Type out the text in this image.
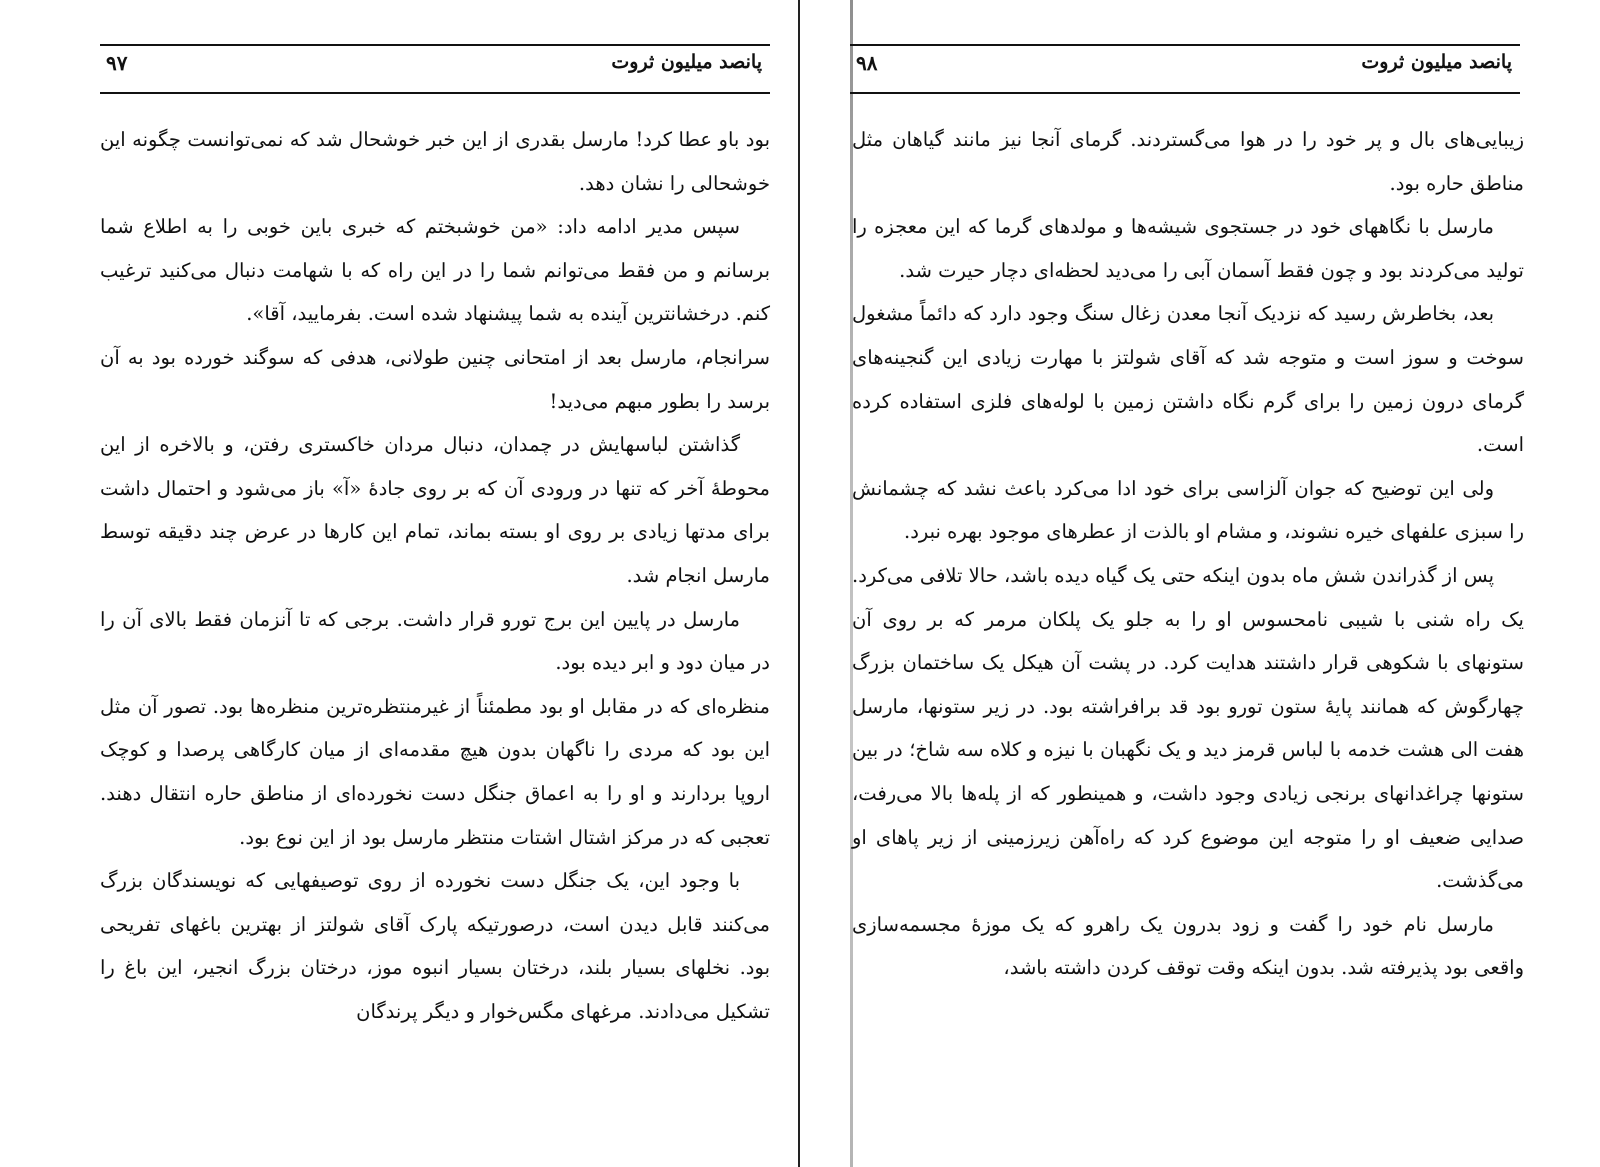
پانصد میلیون ثروت
۹۷

بود باو عطا کرد! مارسل بقدری از این خبر خوشحال شد که نمی‌توانست چگونه این خوشحالی را نشان دهد.

سپس مدیر ادامه داد: «من خوشبختم که خبری باین خوبی را به اطلاع شما برسانم و من فقط می‌توانم شما را در این راه که با شهامت دنبال می‌کنید ترغیب کنم. درخشانترین آینده به شما پیشنهاد شده است. بفرمایید، آقا».

سرانجام، مارسل بعد از امتحانی چنین طولانی، هدفی که سوگند خورده بود به آن برسد را بطور مبهم می‌دید!

گذاشتن لباسهایش در چمدان، دنبال مردان خاکستری رفتن، و بالاخره از این محوطهٔ آخر که تنها در ورودی آن که بر روی جادهٔ «آ» باز می‌شود و احتمال داشت برای مدتها زیادی بر روی او بسته بماند، تمام این کارها در عرض چند دقیقه توسط مارسل انجام شد.

مارسل در پایین این برج تورو قرار داشت. برجی که تا آنزمان فقط بالای آن را در میان دود و ابر دیده بود.

منظره‌ای که در مقابل او بود مطمئناً از غیرمنتظره‌ترین منظره‌ها بود. تصور آن مثل این بود که مردی را ناگهان بدون هیچ مقدمه‌ای از میان کارگاهی پرصدا و کوچک اروپا بردارند و او را به اعماق جنگل دست نخورده‌ای از مناطق حاره انتقال دهند. تعجبی که در مرکز اشتال اشتات منتظر مارسل بود از این نوع بود.

با وجود این، یک جنگل دست نخورده از روی توصیفهایی که نویسندگان بزرگ می‌کنند قابل دیدن است، درصورتیکه پارک آقای شولتز از بهترین باغهای تفریحی بود. نخلهای بسیار بلند، درختان بسیار انبوه موز، درختان بزرگ انجیر، این باغ را تشکیل می‌دادند. مرغهای مگس‌خوار و دیگر پرندگان

پانصد میلیون ثروت
۹۸

زیبایی‌های بال و پر خود را در هوا می‌گستردند. گرمای آنجا نیز مانند گیاهان مثل مناطق حاره بود.

مارسل با نگاههای خود در جستجوی شیشه‌ها و مولدهای گرما که این معجزه را تولید می‌کردند بود و چون فقط آسمان آبی را می‌دید لحظه‌ای دچار حیرت شد.

بعد، بخاطرش رسید که نزدیک آنجا معدن زغال سنگ وجود دارد که دائماً مشغول سوخت و سوز است و متوجه شد که آقای شولتز با مهارت زیادی این گنجینه‌های گرمای درون زمین را برای گرم نگاه داشتن زمین با لوله‌های فلزی استفاده کرده است.

ولی این توضیح که جوان آلزاسی برای خود ادا می‌کرد باعث نشد که چشمانش را سبزی علفهای خیره نشوند، و مشام او بالذت از عطرهای موجود بهره نبرد.

پس از گذراندن شش ماه بدون اینکه حتی یک گیاه دیده باشد، حالا تلافی می‌کرد. یک راه شنی با شیبی نامحسوس او را به جلو یک پلکان مرمر که بر روی آن ستونهای با شکوهی قرار داشتند هدایت کرد. در پشت آن هیکل یک ساختمان بزرگ چهارگوش که همانند پایهٔ ستون تورو بود قد برافراشته بود. در زیر ستونها، مارسل هفت الی هشت خدمه با لباس قرمز دید و یک نگهبان با نیزه و کلاه سه شاخ؛ در بین ستونها چراغدانهای برنجی زیادی وجود داشت، و همینطور که از پله‌ها بالا می‌رفت، صدایی ضعیف او را متوجه این موضوع کرد که راه‌آهن زیرزمینی از زیر پاهای او می‌گذشت.

مارسل نام خود را گفت و زود بدرون یک راهرو که یک موزهٔ مجسمه‌سازی واقعی بود پذیرفته شد. بدون اینکه وقت توقف کردن داشته باشد،
